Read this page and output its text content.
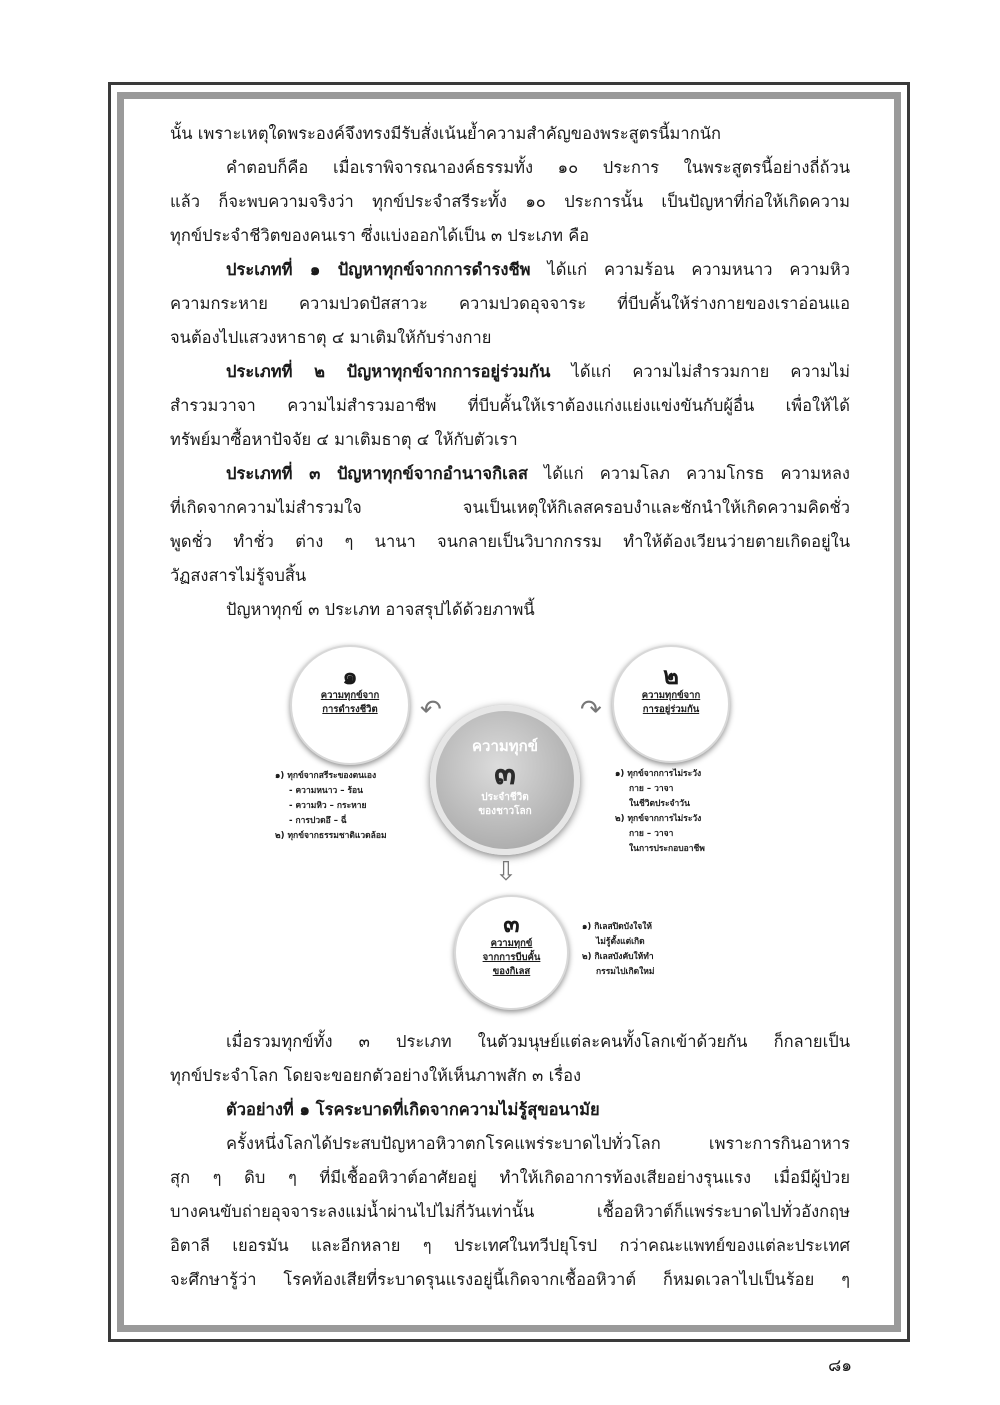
นั้น เพราะเหตุใดพระองค์จึงทรงมีรับสั่งเน้นย้ำความสำคัญของพระสูตรนี้มากนัก
คำตอบก็คือ เมื่อเราพิจารณาองค์ธรรมทั้ง ๑๐ ประการ ในพระสูตรนี้อย่างถี่ถ้วน
แล้ว ก็จะพบความจริงว่า ทุกข์ประจำสรีระทั้ง ๑๐ ประการนั้น เป็นปัญหาที่ก่อให้เกิดความ
ทุกข์ประจำชีวิตของคนเรา ซึ่งแบ่งออกได้เป็น ๓ ประเภท คือ
ประเภทที่ ๑ ปัญหาทุกข์จากการดำรงชีพ ได้แก่ ความร้อน ความหนาว ความหิว
ความกระหาย ความปวดปัสสาวะ ความปวดอุจจาระ ที่บีบคั้นให้ร่างกายของเราอ่อนแอ
จนต้องไปแสวงหาธาตุ ๔ มาเติมให้กับร่างกาย
ประเภทที่ ๒ ปัญหาทุกข์จากการอยู่ร่วมกัน ได้แก่ ความไม่สำรวมกาย ความไม่
สำรวมวาจา ความไม่สำรวมอาชีพ ที่บีบคั้นให้เราต้องแก่งแย่งแข่งขันกับผู้อื่น เพื่อให้ได้
ทรัพย์มาซื้อหาปัจจัย ๔ มาเติมธาตุ ๔ ให้กับตัวเรา
ประเภทที่ ๓ ปัญหาทุกข์จากอำนาจกิเลส ได้แก่ ความโลภ ความโกรธ ความหลง
ที่เกิดจากความไม่สำรวมใจ จนเป็นเหตุให้กิเลสครอบงำและชักนำให้เกิดความคิดชั่ว
พูดชั่ว ทำชั่ว ต่าง ๆ นานา จนกลายเป็นวิบากกรรม ทำให้ต้องเวียนว่ายตายเกิดอยู่ใน
วัฏสงสารไม่รู้จบสิ้น
ปัญหาทุกข์ ๓ ประเภท อาจสรุปได้ด้วยภาพนี้
ความทุกข์
๓
ประจำชีวิต
ของชาวโลก
๑
ความทุกข์จาก
การดำรงชีวิต
๒
ความทุกข์จาก
การอยู่ร่วมกัน
๓
ความทุกข์
จากการบีบคั้น
ของกิเลส
↶	↷
⇩
๑) ทุกข์จากสรีระของตนเอง
- ความหนาว – ร้อน
- ความหิว – กระหาย
- การปวดอึ – ฉี่
๒) ทุกข์จากธรรมชาติแวดล้อม
๑) ทุกข์จากการไม่ระวัง
กาย – วาจา
ในชีวิตประจำวัน
๒) ทุกข์จากการไม่ระวัง
กาย – วาจา
ในการประกอบอาชีพ
๑) กิเลสปิดบังใจให้
ไม่รู้ตั้งแต่เกิด
๒) กิเลสบังคับให้ทำ
กรรมไปเกิดใหม่
เมื่อรวมทุกข์ทั้ง ๓ ประเภท ในตัวมนุษย์แต่ละคนทั้งโลกเข้าด้วยกัน ก็กลายเป็น
ทุกข์ประจำโลก โดยจะขอยกตัวอย่างให้เห็นภาพสัก ๓ เรื่อง
ตัวอย่างที่ ๑ โรคระบาดที่เกิดจากความไม่รู้สุขอนามัย
ครั้งหนึ่งโลกได้ประสบปัญหาอหิวาตกโรคแพร่ระบาดไปทั่วโลก เพราะการกินอาหาร
สุก ๆ ดิบ ๆ ที่มีเชื้ออหิวาต์อาศัยอยู่ ทำให้เกิดอาการท้องเสียอย่างรุนแรง เมื่อมีผู้ป่วย
บางคนขับถ่ายอุจจาระลงแม่น้ำผ่านไปไม่กี่วันเท่านั้น เชื้ออหิวาต์ก็แพร่ระบาดไปทั่วอังกฤษ
อิตาลี เยอรมัน และอีกหลาย ๆ ประเทศในทวีปยุโรป กว่าคณะแพทย์ของแต่ละประเทศ
จะศึกษารู้ว่า โรคท้องเสียที่ระบาดรุนแรงอยู่นี้เกิดจากเชื้ออหิวาต์ ก็หมดเวลาไปเป็นร้อย ๆ
๘๑
